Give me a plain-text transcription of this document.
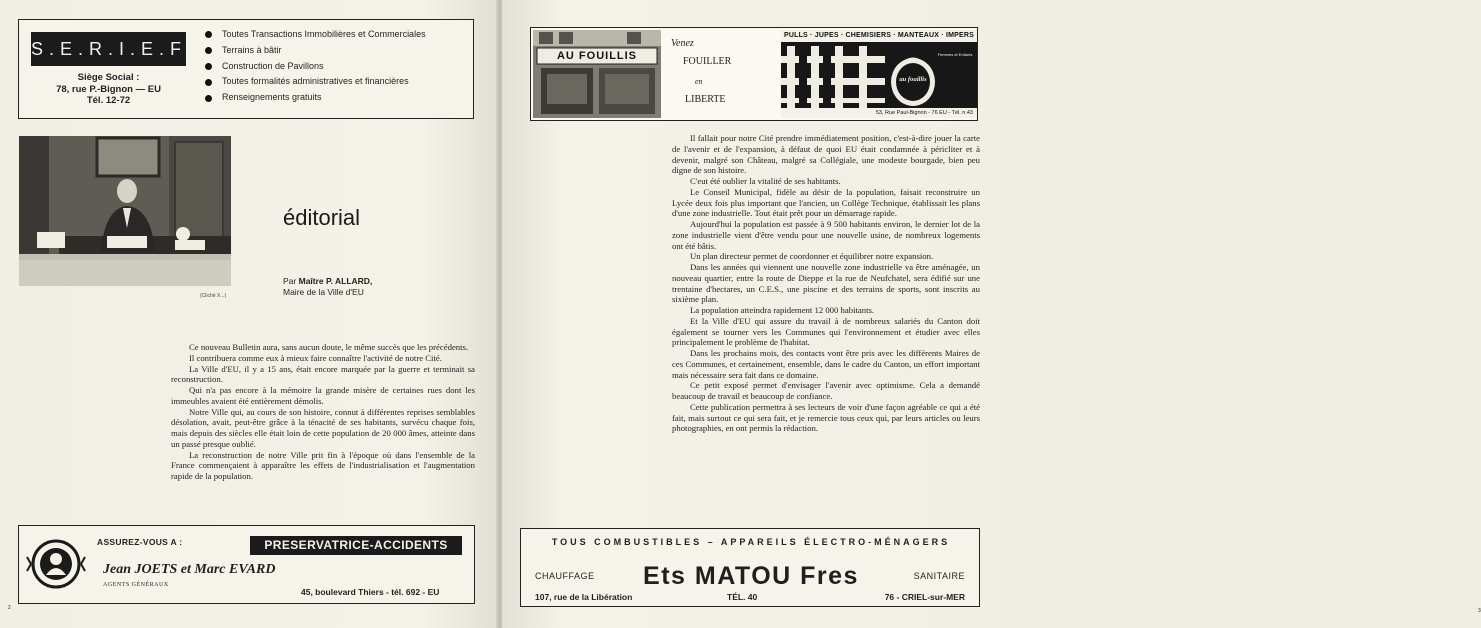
S.E.R.I.E.F.
Siège Social :
78, rue P.-Bignon — EU
Tél. 12-72
Toutes Transactions Immobilières et Commerciales
Terrains à bâtir
Construction de Pavillons
Toutes formalités administratives et financières
Renseignements gratuits
(Cliché X...)
éditorial
Par Maître P. ALLARD,
Maire de la Ville d'EU

Ce nouveau Bulletin aura, sans aucun doute, le même succès que les précédents.

Il contribuera comme eux à mieux faire connaître l'activité de notre Cité.

La Ville d'EU, il y a 15 ans, était encore marquée par la guerre et terminait sa reconstruction.

Qui n'a pas encore à la mémoire la grande misère de certaines rues dont les immeubles avaient été entièrement démolis.

Notre Ville qui, au cours de son histoire, connut à différentes reprises semblables désolation, avait, peut-être grâce à la ténacité de ses habitants, survécu chaque fois, mais depuis des siècles elle était loin de cette population de 20 000 âmes, atteinte dans un passé presque oublié.

La reconstruction de notre Ville prit fin à l'époque où dans l'ensemble de la France commençaient à apparaître les effets de l'industrialisation et l'augmentation rapide de la population.

ASSUREZ-VOUS A :	PRESERVATRICE-ACCIDENTS
Jean JOETS et Marc EVARD
AGENTS GÉNÉRAUX
45, boulevard Thiers - tél. 692 - EU
2	3
AU FOUILLIS
Venez
FOUILLER
en
LIBERTE
PULLS · JUPES · CHEMISIERS · MANTEAUX · IMPERS
Femmes et Enfants
au fouillis
53, Rue Paul-Bignon - 76 EU - Tél. n.43

Il fallait pour notre Cité prendre immédiatement position, c'est-à-dire jouer la carte de l'avenir et de l'expansion, à défaut de quoi EU était condamnée à péricliter et à devenir, malgré son Château, malgré sa Collégiale, une modeste bourgade, bien peu digne de son histoire.

C'eut été oublier la vitalité de ses habitants.

Le Conseil Municipal, fidèle au désir de la population, faisait reconstruire un Lycée deux fois plus important que l'ancien, un Collège Technique, établissait les plans d'une zone industrielle. Tout était prêt pour un démarrage rapide.

Aujourd'hui la population est passée à 9 500 habitants environ, le dernier lot de la zone industrielle vient d'être vendu pour une nouvelle usine, de nombreux logements ont été bâtis.

Un plan directeur permet de coordonner et équilibrer notre expansion.

Dans les années qui viennent une nouvelle zone industrielle va être aménagée, un nouveau quartier, entre la route de Dieppe et la rue de Neufchatel, sera édifié sur une trentaine d'hectares, un C.E.S., une piscine et des terrains de sports, sont inscrits au sixième plan.

La population atteindra rapidement 12 000 habitants.

Et la Ville d'EU qui assure du travail à de nombreux salariés du Canton doit également se tourner vers les Communes qui l'environnement et étudier avec elles principalement le problème de l'habitat.

Dans les prochains mois, des contacts vont être pris avec les différents Maires de ces Communes, et certainement, ensemble, dans le cadre du Canton, un effort important mais nécessaire sera fait dans ce domaine.

Ce petit exposé permet d'envisager l'avenir avec optimisme. Cela a demandé beaucoup de travail et beaucoup de confiance.

Cette publication permettra à ses lecteurs de voir d'une façon agréable ce qui a été fait, mais surtout ce qui sera fait, et je remercie tous ceux qui, par leurs articles ou leurs photographies, en ont permis la rédaction.

TOUS COMBUSTIBLES – APPAREILS ÉLECTRO-MÉNAGERS
CHAUFFAGE	Ets MATOU Fres	SANITAIRE
107, rue de la Libération	TÉL. 40	76 - CRIEL-sur-MER
